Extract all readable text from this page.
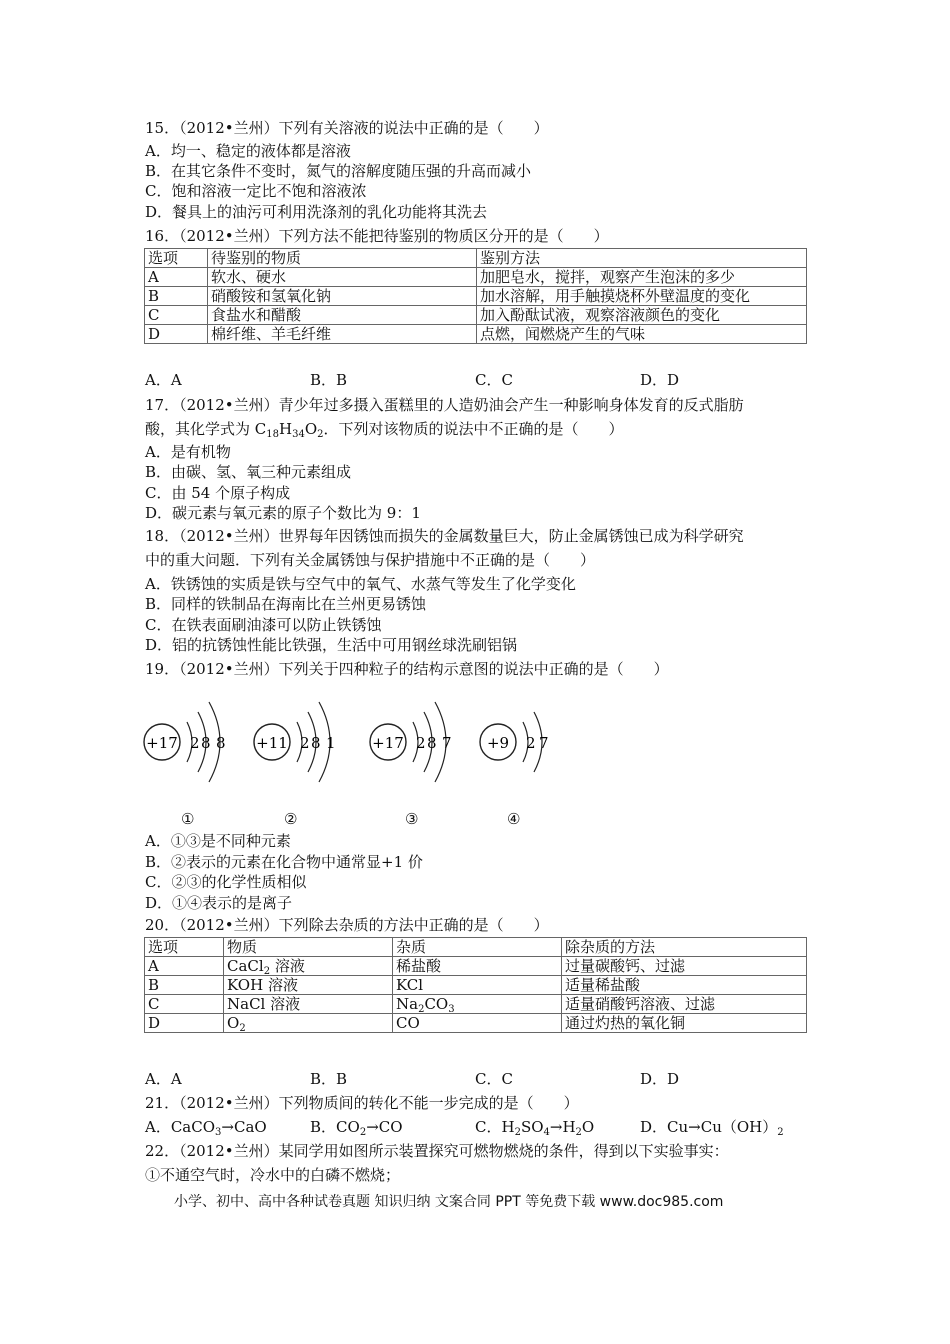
15．（2012•兰州）下列有关溶液的说法中正确的是（　　）
A．均一、稳定的液体都是溶液
B．在其它条件不变时，氮气的溶解度随压强的升高而减小
C．饱和溶液一定比不饱和溶液浓
D．餐具上的油污可利用洗涤剂的乳化功能将其洗去
16．（2012•兰州）下列方法不能把待鉴别的物质区分开的是（　　）
选项	待鉴别的物质	鉴别方法
A	软水、硬水	加肥皂水，搅拌，观察产生泡沫的多少
B	硝酸铵和氢氧化钠	加水溶解，用手触摸烧杯外壁温度的变化
C	食盐水和醋酸	加入酚酞试液，观察溶液颜色的变化
D	棉纤维、羊毛纤维	点燃，闻燃烧产生的气味
A．A	B．B	C．C	D．D
17．（2012•兰州）青少年过多摄入蛋糕里的人造奶油会产生一种影响身体发育的反式脂肪
酸，其化学式为 $C_{18}H_{34}O_2$．下列对该物质的说法中不正确的是（　　）
A．是有机物
B．由碳、氢、氧三种元素组成
C．由 54 个原子构成
D．碳元素与氧元素的原子个数比为 9：1
18．（2012•兰州）世界每年因锈蚀而损失的金属数量巨大，防止金属锈蚀已成为科学研究
中的重大问题．下列有关金属锈蚀与保护措施中不正确的是（　　）
A．铁锈蚀的实质是铁与空气中的氧气、水蒸气等发生了化学变化
B．同样的铁制品在海南比在兰州更易锈蚀
C．在铁表面刷油漆可以防止铁锈蚀
D．铝的抗锈蚀性能比铁强，生活中可用钢丝球洗刷铝锅
19．（2012•兰州）下列关于四种粒子的结构示意图的说法中正确的是（　　）
+17 2 8 8 +11 2 8 1 +17 2 8 7 +9 2 7
①	②	③	④
A．①③是不同种元素
B．②表示的元素在化合物中通常显+1 价
C．②③的化学性质相似
D．①④表示的是离子
20．（2012•兰州）下列除去杂质的方法中正确的是（　　）
选项	物质	杂质	除杂质的方法
A	CaCl$_2$ 溶液	稀盐酸	过量碳酸钙、过滤
B	KOH 溶液	KCl	适量稀盐酸
C	NaCl 溶液	$Na_2CO_3$	适量硝酸钙溶液、过滤
D	$O_2$	CO	通过灼热的氧化铜
A．A	B．B	C．C	D．D
21．（2012•兰州）下列物质间的转化不能一步完成的是（　　）
A．CaCO$_3$→CaO	B．$CO_2\to CO$	C．$H_2SO_4\to H_2O$	D．$Cu\to Cu(OH)_2$
22．（2012•兰州）某同学用如图所示装置探究可燃物燃烧的条件，得到以下实验事实：
①不通空气时，冷水中的白磷不燃烧；
小学、初中、高中各种试卷真题 知识归纳 文案合同 PPT 等免费下载 www.doc985.com
